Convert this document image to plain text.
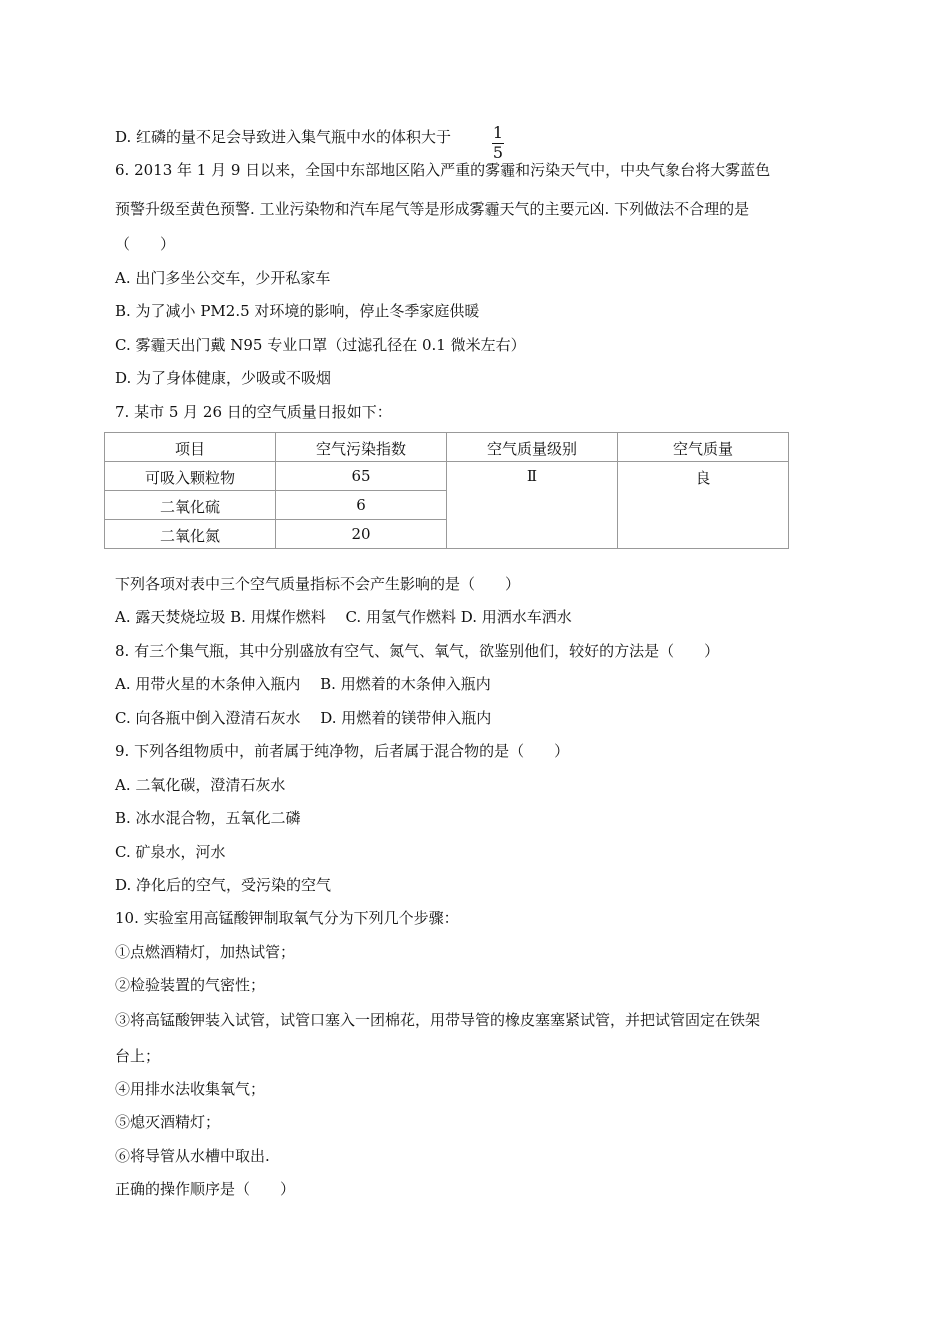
D. 红磷的量不足会导致进入集气瓶中水的体积大于	$\frac{1}{5}$
6. 2013 年 1 月 9 日以来，全国中东部地区陷入严重的雾霾和污染天气中，中央气象台将大雾蓝色
预警升级至黄色预警. 工业污染物和汽车尾气等是形成雾霾天气的主要元凶. 下列做法不合理的是
（　　）
A. 出门多坐公交车，少开私家车
B. 为了减小 PM2.5 对环境的影响，停止冬季家庭供暖
C. 雾霾天出门戴 N95 专业口罩（过滤孔径在 0.1 微米左右）
D. 为了身体健康，少吸或不吸烟
7. 某市 5 月 26 日的空气质量日报如下：
项目	空气污染指数	空气质量级别	空气质量
可吸入颗粒物	65	Ⅱ	良
二氧化硫	6		
二氧化氮	20		
下列各项对表中三个空气质量指标不会产生影响的是（　　）
A. 露天焚烧垃圾 B. 用煤作燃料　 C. 用氢气作燃料 D. 用洒水车洒水
8. 有三个集气瓶，其中分别盛放有空气、氮气、氧气，欲鉴别他们，较好的方法是（　　）
A. 用带火星的木条伸入瓶内　 B. 用燃着的木条伸入瓶内
C. 向各瓶中倒入澄清石灰水　 D. 用燃着的镁带伸入瓶内
9. 下列各组物质中，前者属于纯净物，后者属于混合物的是（　　）
A. 二氧化碳，澄清石灰水
B. 冰水混合物，五氧化二磷
C. 矿泉水，河水
D. 净化后的空气，受污染的空气
10. 实验室用高锰酸钾制取氧气分为下列几个步骤：
①点燃酒精灯，加热试管；
②检验装置的气密性；
③将高锰酸钾装入试管，试管口塞入一团棉花，用带导管的橡皮塞塞紧试管，并把试管固定在铁架
台上；
④用排水法收集氧气；
⑤熄灭酒精灯；
⑥将导管从水槽中取出.
正确的操作顺序是（　　）
